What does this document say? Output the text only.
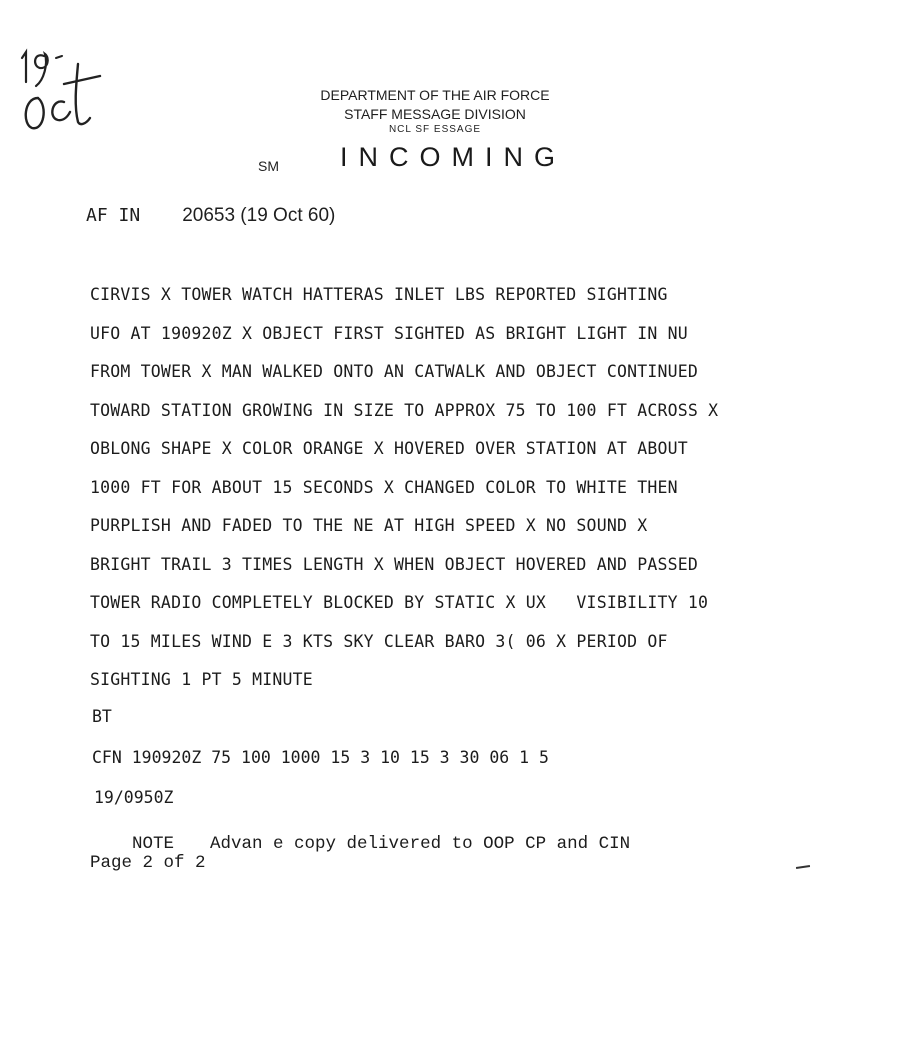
DEPARTMENT OF THE AIR FORCE
STAFF MESSAGE DIVISION
NCL SF ESSAGE
SM INCOMING
AF IN 20653 (19 Oct 60)
CIRVIS X TOWER WATCH HATTERAS INLET LBS REPORTED SIGHTING
UFO AT 190920Z X OBJECT FIRST SIGHTED AS BRIGHT LIGHT IN NU
FROM TOWER X MAN WALKED ONTO AN CATWALK AND OBJECT CONTINUED
TOWARD STATION GROWING IN SIZE TO APPROX 75 TO 100 FT ACROSS X
OBLONG SHAPE X COLOR ORANGE X HOVERED OVER STATION AT ABOUT
1000 FT FOR ABOUT 15 SECONDS X CHANGED COLOR TO WHITE THEN
PURPLISH AND FADED TO THE NE AT HIGH SPEED X NO SOUND X
BRIGHT TRAIL 3 TIMES LENGTH X WHEN OBJECT HOVERED AND PASSED
TOWER RADIO COMPLETELY BLOCKED BY STATIC X UX   VISIBILITY 10
TO 15 MILES WIND E 3 KTS SKY CLEAR BARO 3( 06 X PERIOD OF
SIGHTING 1 PT 5 MINUTE
BT
CFN 190920Z 75 100 1000 15 3 10 15 3 30 06 1 5
19/0950Z

NOTE Advan e copy delivered to OOP CP and CIN

Page 2 of 2
